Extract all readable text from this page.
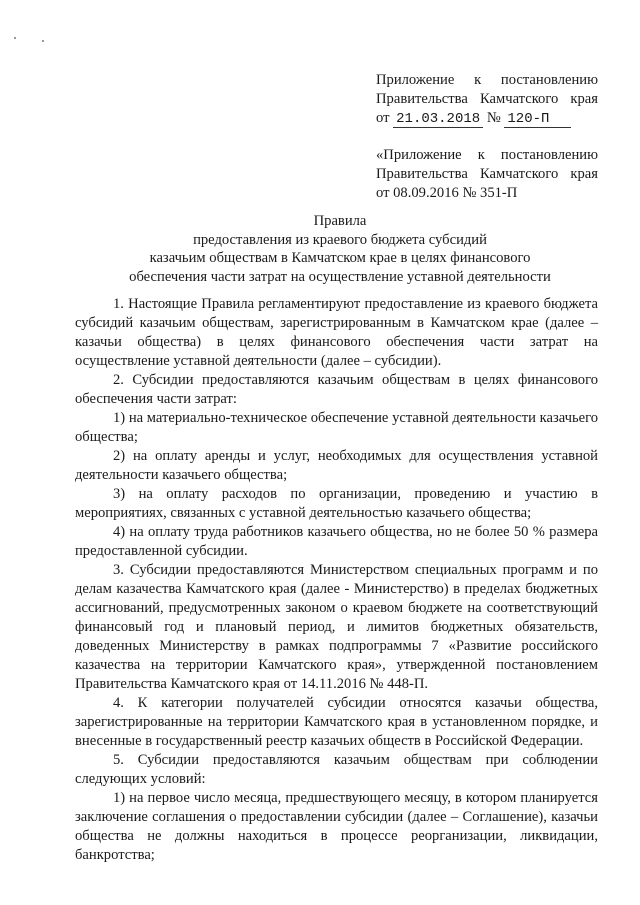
Приложение к постановлению
Правительства Камчатского края
от 21.03.2018 № 120-П
«Приложение к постановлению
Правительства Камчатского края
от 08.09.2016 № 351-П
Правила
предоставления из краевого бюджета субсидий
казачьим обществам в Камчатском крае в целях финансового
обеспечения части затрат на осуществление уставной деятельности

1. Настоящие Правила регламентируют предоставление из краевого бюджета субсидий казачьим обществам, зарегистрированным в Камчатском крае (далее – казачьи общества) в целях финансового обеспечения части затрат на осуществление уставной деятельности (далее – субсидии).

2. Субсидии предоставляются казачьим обществам в целях финансового обеспечения части затрат:

1) на материально-техническое обеспечение уставной деятельности казачьего общества;

2) на оплату аренды и услуг, необходимых для осуществления уставной деятельности казачьего общества;

3) на оплату расходов по организации, проведению и участию в мероприятиях, связанных с уставной деятельностью казачьего общества;

4) на оплату труда работников казачьего общества, но не более 50 % размера предоставленной субсидии.

3. Субсидии предоставляются Министерством специальных программ и по делам казачества Камчатского края (далее - Министерство) в пределах бюджетных ассигнований, предусмотренных законом о краевом бюджете на соответствующий финансовый год и плановый период, и лимитов бюджетных обязательств, доведенных Министерству в рамках подпрограммы 7 «Развитие российского казачества на территории Камчатского края», утвержденной постановлением Правительства Камчатского края от 14.11.2016 № 448-П.

4. К категории получателей субсидии относятся казачьи общества, зарегистрированные на территории Камчатского края в установленном порядке, и внесенные в государственный реестр казачьих обществ в Российской Федерации.

5. Субсидии предоставляются казачьим обществам при соблюдении следующих условий:

1) на первое число месяца, предшествующего месяцу, в котором планируется заключение соглашения о предоставлении субсидии (далее – Соглашение), казачьи общества не должны находиться в процессе реорганизации, ликвидации, банкротства;
